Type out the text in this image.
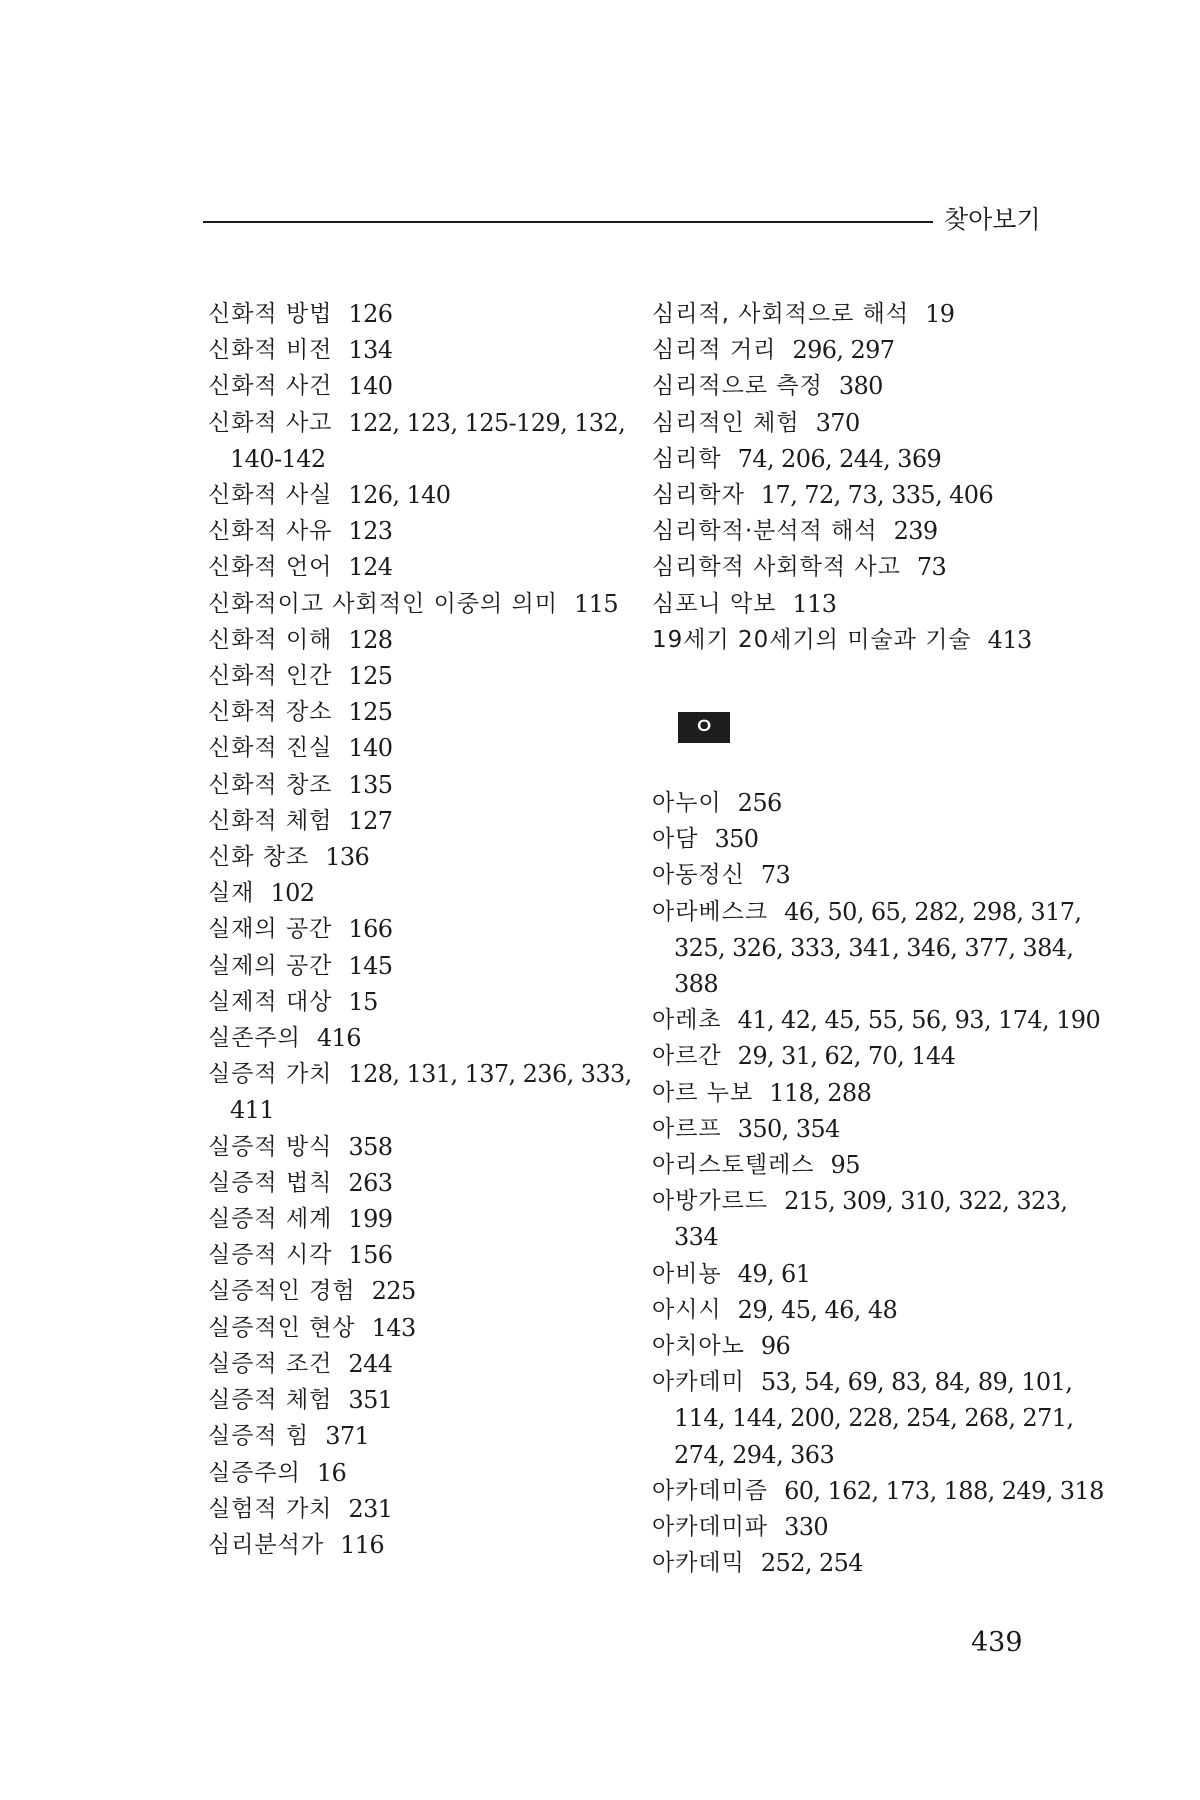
찾아보기
신화적 방법 126
신화적 비전 134
신화적 사건 140
신화적 사고 122, 123, 125-129, 132,
140-142
신화적 사실 126, 140
신화적 사유 123
신화적 언어 124
신화적이고 사회적인 이중의 의미 115
신화적 이해 128
신화적 인간 125
신화적 장소 125
신화적 진실 140
신화적 창조 135
신화적 체험 127
신화 창조 136
실재 102
실재의 공간 166
실제의 공간 145
실제적 대상 15
실존주의 416
실증적 가치 128, 131, 137, 236, 333,
411
실증적 방식 358
실증적 법칙 263
실증적 세계 199
실증적 시각 156
실증적인 경험 225
실증적인 현상 143
실증적 조건 244
실증적 체험 351
실증적 힘 371
실증주의 16
실험적 가치 231
심리분석가 116
심리적, 사회적으로 해석 19
심리적 거리 296, 297
심리적으로 측정 380
심리적인 체험 370
심리학 74, 206, 244, 369
심리학자 17, 72, 73, 335, 406
심리학적·분석적 해석 239
심리학적 사회학적 사고 73
심포니 악보 113
19세기 20세기의 미술과 기술 413
ㅇ
아누이 256
아담 350
아동정신 73
아라베스크 46, 50, 65, 282, 298, 317,
325, 326, 333, 341, 346, 377, 384,
388
아레초 41, 42, 45, 55, 56, 93, 174, 190
아르간 29, 31, 62, 70, 144
아르 누보 118, 288
아르프 350, 354
아리스토텔레스 95
아방가르드 215, 309, 310, 322, 323,
334
아비뇽 49, 61
아시시 29, 45, 46, 48
아치아노 96
아카데미 53, 54, 69, 83, 84, 89, 101,
114, 144, 200, 228, 254, 268, 271,
274, 294, 363
아카데미즘 60, 162, 173, 188, 249, 318
아카데미파 330
아카데믹 252, 254
439
